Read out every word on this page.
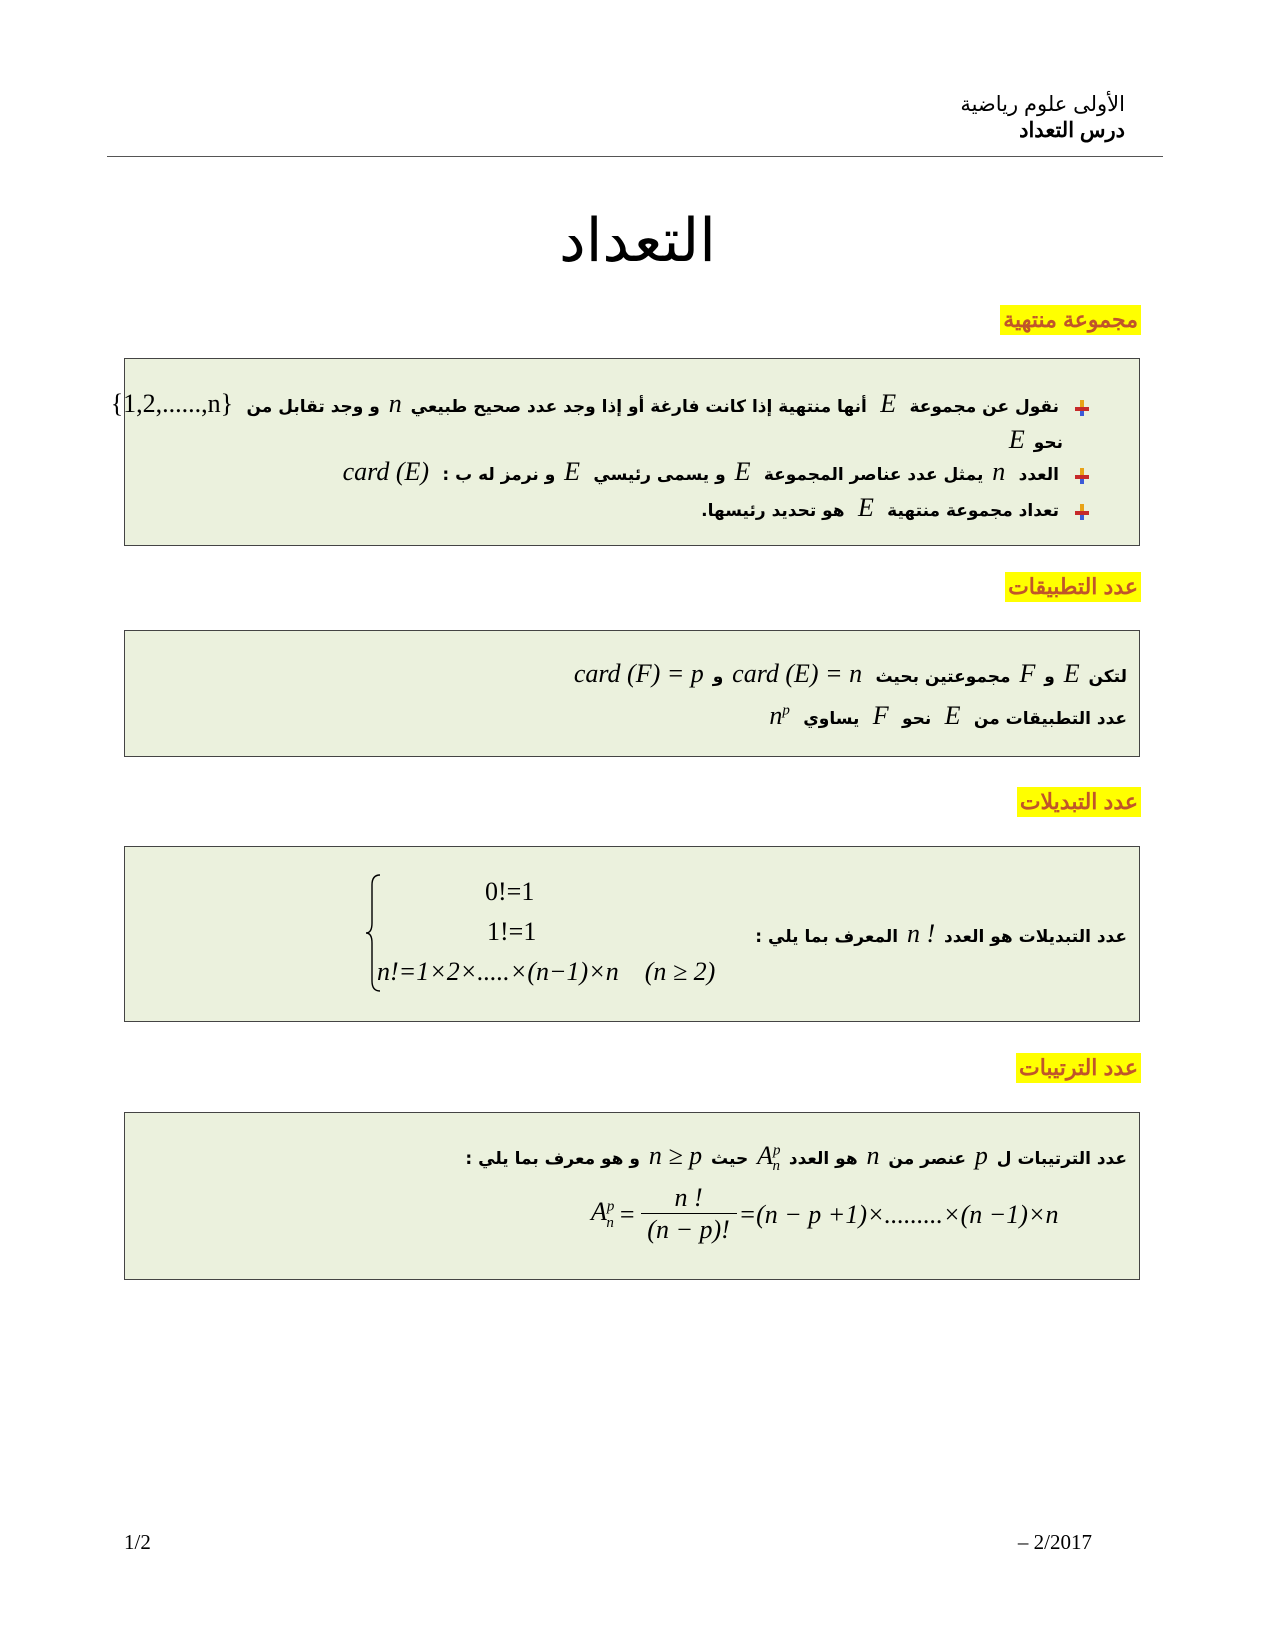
الأولى علوم رياضية
درس التعداد
التعداد
مجموعة منتهية
نقول عن مجموعة   E   أنها منتهية إذا كانت فارغة أو إذا وجد عدد صحيح طبيعي  n  و وجد تقابل من   {1,2,......,n}
نحو  E
العدد   n  يمثل عدد عناصر المجموعة   E  و يسمى رئيسي   E  و نرمز له ب :   card (E)
تعداد مجموعة منتهية   E   هو تحديد رئيسها.
عدد التطبيقات
لتكن  E  و  F  مجموعتين بحيث   card (E) = n  و  card (F) = p
عدد التطبيقات من   E   نحو   F   يساوي   $n^p$
عدد التبديلات
عدد التبديلات هو العدد  n !  المعرف بما يلي :
0!=1
1!=1
n!=1×2×.....×(n−1)×n (n ≥ 2)
عدد الترتيبات
عدد الترتيبات ل  p  عنصر من  n  هو العدد  $A^p_n$  حيث  n ≥ p  و هو معرف بما يلي :
$A^p_n$ =
n !
(n − p)!
=(n − p +1)×.........×(n −1)×n
1/2	– 2/2017
